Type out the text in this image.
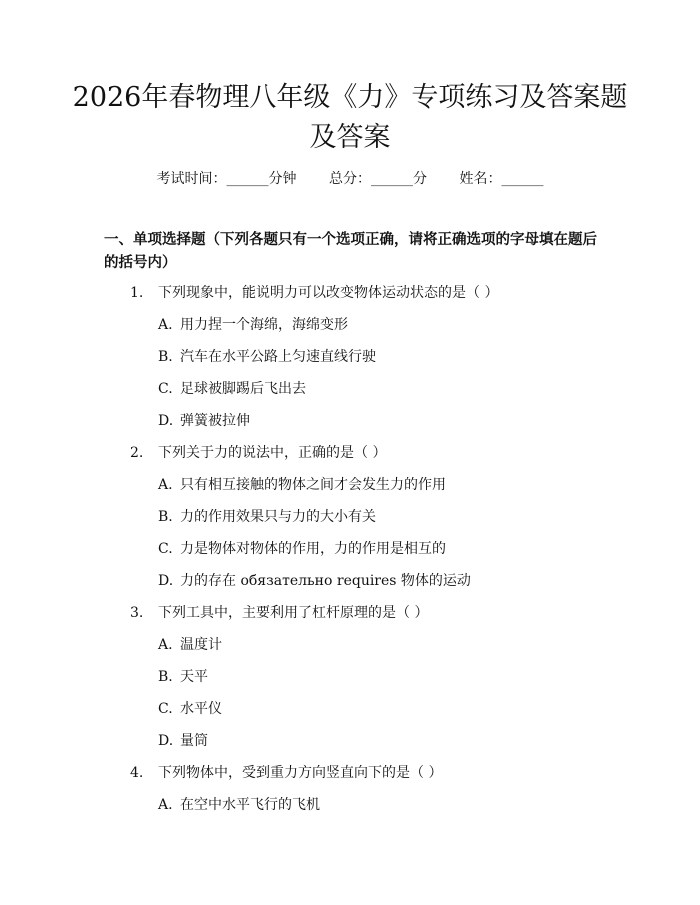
2026年春物理八年级《力》专项练习及答案题及答案
考试时间：______分钟 总分：______分 姓名：______
一、单项选择题（下列各题只有一个选项正确，请将正确选项的字母填在题后的括号内）
1. 下列现象中，能说明力可以改变物体运动状态的是（ ）
A. 用力捏一个海绵，海绵变形
B. 汽车在水平公路上匀速直线行驶
C. 足球被脚踢后飞出去
D. 弹簧被拉伸
2. 下列关于力的说法中，正确的是（ ）
A. 只有相互接触的物体之间才会发生力的作用
B. 力的作用效果只与力的大小有关
C. 力是物体对物体的作用，力的作用是相互的
D. 力的存在 обязательно requires 物体的运动
3. 下列工具中，主要利用了杠杆原理的是（ ）
A. 温度计
B. 天平
C. 水平仪
D. 量筒
4. 下列物体中，受到重力方向竖直向下的是（ ）
A. 在空中水平飞行的飞机
